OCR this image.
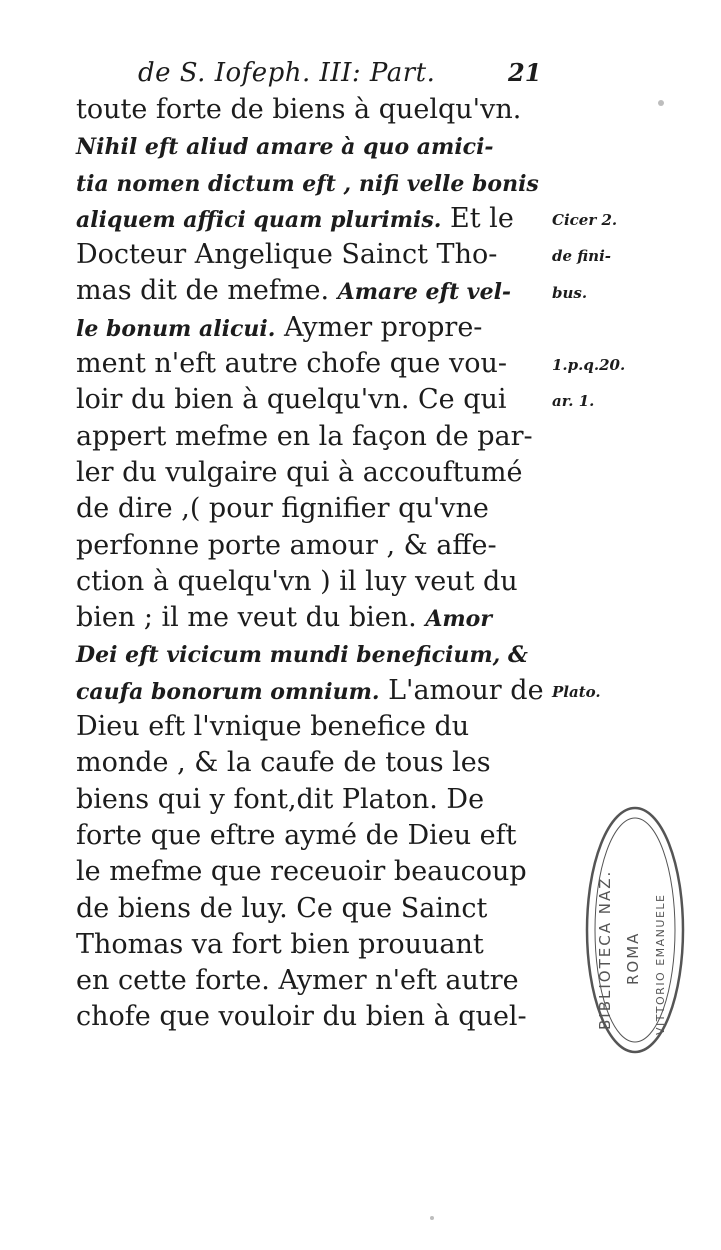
de S. Iofeph. III: Part.	21
toute forte de biens à quelqu'vn.
Nihil eft aliud amare à quo amici-
tia nomen dictum eft , nifi velle bonis
aliquem affici quam plurimis. Et le
Docteur Angelique Sainct Tho-
mas dit de mefme. Amare eft vel-
le bonum alicui. Aymer propre-
ment n'eft autre chofe que vou-
loir du bien à quelqu'vn. Ce qui
appert mefme en la façon de par-
ler du vulgaire qui à accouftumé
de dire ,( pour fignifier qu'vne
perfonne porte amour , & affe-
ction à quelqu'vn ) il luy veut du
bien ; il me veut du bien. Amor
Dei eft vicicum mundi beneficium, &
caufa bonorum omnium. L'amour de
Dieu eft l'vnique benefice du
monde , & la caufe de tous les
biens qui y font,dit Platon. De
forte que eftre aymé de Dieu eft
le mefme que receuoir beaucoup
de biens de luy. Ce que Sainct
Thomas va fort bien prouuant
en cette forte. Aymer n'eft autre
chofe que vouloir du bien à quel-
Cicer 2.
de fini-
bus.
1.p.q.20.
ar. 1.
Plato.
BIBLIOTECA NAZ. ROMA VITTORIO EMANUELE
